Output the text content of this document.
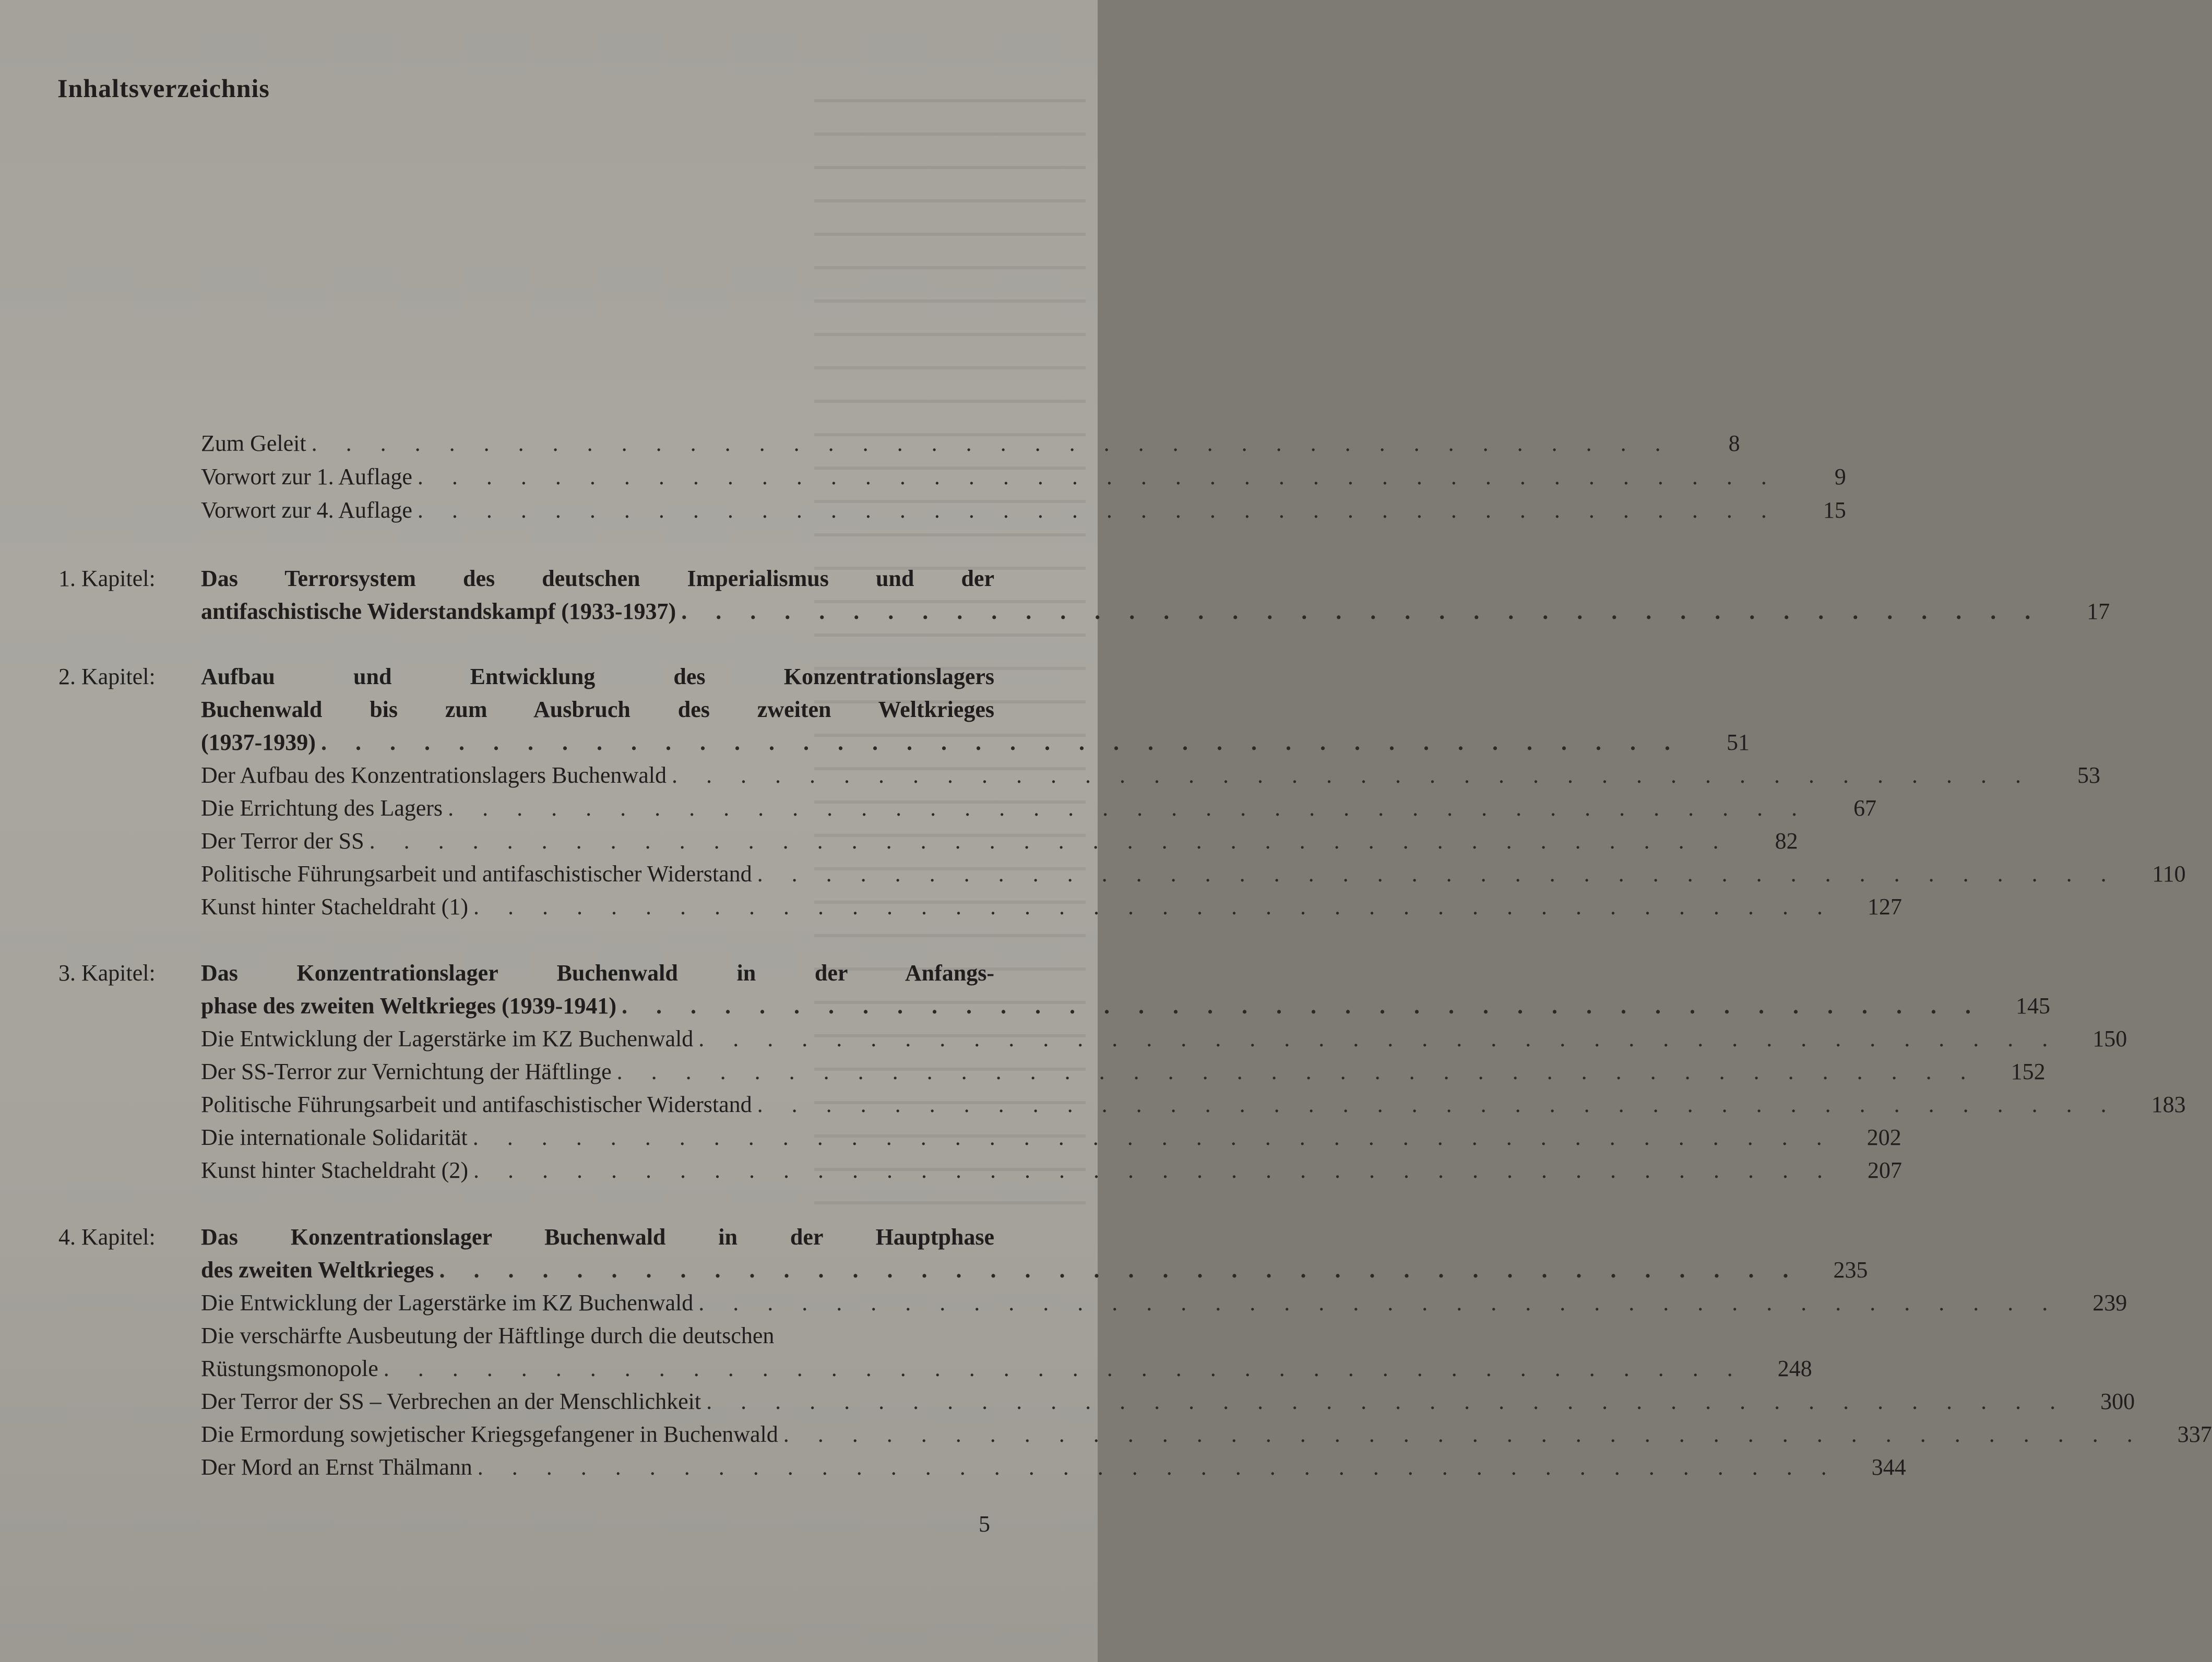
Inhaltsverzeichnis
Zum Geleit . . . . . . . . . . . . . . . . . . . . . . . . . . . . . . . . . . . . . . . .	8
Vorwort zur 1. Auflage . . . . . . . . . . . . . . . . . . . . . . . . . . . . . . . . . . . . . . . .	9
Vorwort zur 4. Auflage . . . . . . . . . . . . . . . . . . . . . . . . . . . . . . . . . . . . . . . .	15
1. Kapitel: Das Terrorsystem des deutschen Imperialismus und der
antifaschistische Widerstandskampf (1933-1937) . . . . . . . . . . . . . . . . . . . . . . . . . . . . . . . . . . . . . . . .	17
2. Kapitel: Aufbau und Entwicklung des Konzentrationslagers
Buchenwald bis zum Ausbruch des zweiten Weltkrieges
(1937-1939) . . . . . . . . . . . . . . . . . . . . . . . . . . . . . . . . . . . . . . . .	51
Der Aufbau des Konzentrationslagers Buchenwald . . . . . . . . . . . . . . . . . . . . . . . . . . . . . . . . . . . . . . . .	53
Die Errichtung des Lagers . . . . . . . . . . . . . . . . . . . . . . . . . . . . . . . . . . . . . . . .	67
Der Terror der SS . . . . . . . . . . . . . . . . . . . . . . . . . . . . . . . . . . . . . . . .	82
Politische Führungsarbeit und antifaschistischer Widerstand . . . . . . . . . . . . . . . . . . . . . . . . . . . . . . . . . . . . . . . .	110
Kunst hinter Stacheldraht (1) . . . . . . . . . . . . . . . . . . . . . . . . . . . . . . . . . . . . . . . .	127
3. Kapitel: Das Konzentrationslager Buchenwald in der Anfangs-
phase des zweiten Weltkrieges (1939-1941) . . . . . . . . . . . . . . . . . . . . . . . . . . . . . . . . . . . . . . . .	145
Die Entwicklung der Lagerstärke im KZ Buchenwald . . . . . . . . . . . . . . . . . . . . . . . . . . . . . . . . . . . . . . . .	150
Der SS-Terror zur Vernichtung der Häftlinge . . . . . . . . . . . . . . . . . . . . . . . . . . . . . . . . . . . . . . . .	152
Politische Führungsarbeit und antifaschistischer Widerstand . . . . . . . . . . . . . . . . . . . . . . . . . . . . . . . . . . . . . . . .	183
Die internationale Solidarität . . . . . . . . . . . . . . . . . . . . . . . . . . . . . . . . . . . . . . . .	202
Kunst hinter Stacheldraht (2) . . . . . . . . . . . . . . . . . . . . . . . . . . . . . . . . . . . . . . . .	207
4. Kapitel: Das Konzentrationslager Buchenwald in der Hauptphase
des zweiten Weltkrieges . . . . . . . . . . . . . . . . . . . . . . . . . . . . . . . . . . . . . . . .	235
Die Entwicklung der Lagerstärke im KZ Buchenwald . . . . . . . . . . . . . . . . . . . . . . . . . . . . . . . . . . . . . . . .	239
Die verschärfte Ausbeutung der Häftlinge durch die deutschen
Rüstungsmonopole . . . . . . . . . . . . . . . . . . . . . . . . . . . . . . . . . . . . . . . .	248
Der Terror der SS – Verbrechen an der Menschlichkeit . . . . . . . . . . . . . . . . . . . . . . . . . . . . . . . . . . . . . . . .	300
Die Ermordung sowjetischer Kriegsgefangener in Buchenwald . . . . . . . . . . . . . . . . . . . . . . . . . . . . . . . . . . . . . . . .	337
Der Mord an Ernst Thälmann . . . . . . . . . . . . . . . . . . . . . . . . . . . . . . . . . . . . . . . .	344
5
